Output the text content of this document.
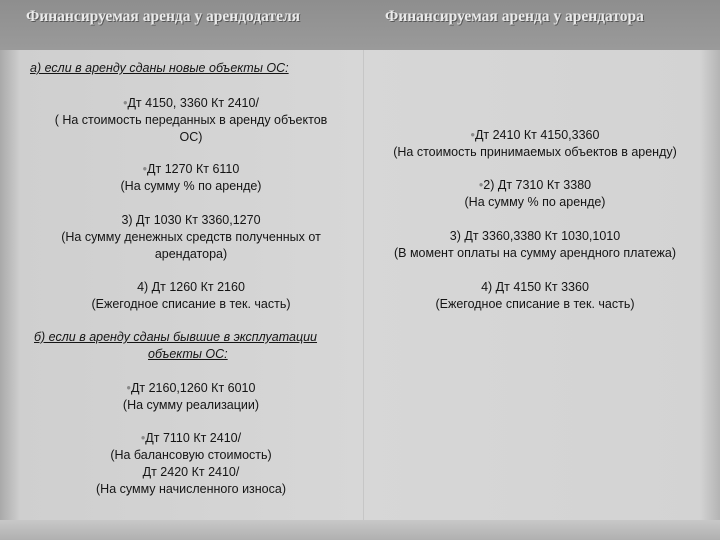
Финансируемая аренда у арендодателя	Финансируемая аренда у арендатора
а) если в аренду сданы новые объекты ОС:
•Дт 4150, 3360 Кт 2410/
( На стоимость переданных в аренду объектов
ОС)
•Дт 1270 Кт 6110
(На сумму % по аренде)
3) Дт 1030 Кт 3360,1270
(На сумму денежных средств полученных от
арендатора)
4) Дт 1260 Кт 2160
(Ежегодное списание в тек. часть)
•Дт 2410 Кт 4150,3360
(На стоимость принимаемых объектов в аренду)
•2) Дт 7310 Кт 3380
(На сумму % по аренде)
3) Дт 3360,3380 Кт 1030,1010
(В момент оплаты на сумму арендного платежа)
4) Дт 4150 Кт 3360
(Ежегодное списание в тек. часть)
б) если в аренду сданы бывшие в эксплуатации
объекты ОС:
•Дт 2160,1260 Кт 6010
(На сумму реализации)
•Дт 7110 Кт 2410/
(На балансовую стоимость)
Дт 2420 Кт 2410/
(На сумму начисленного износа)
